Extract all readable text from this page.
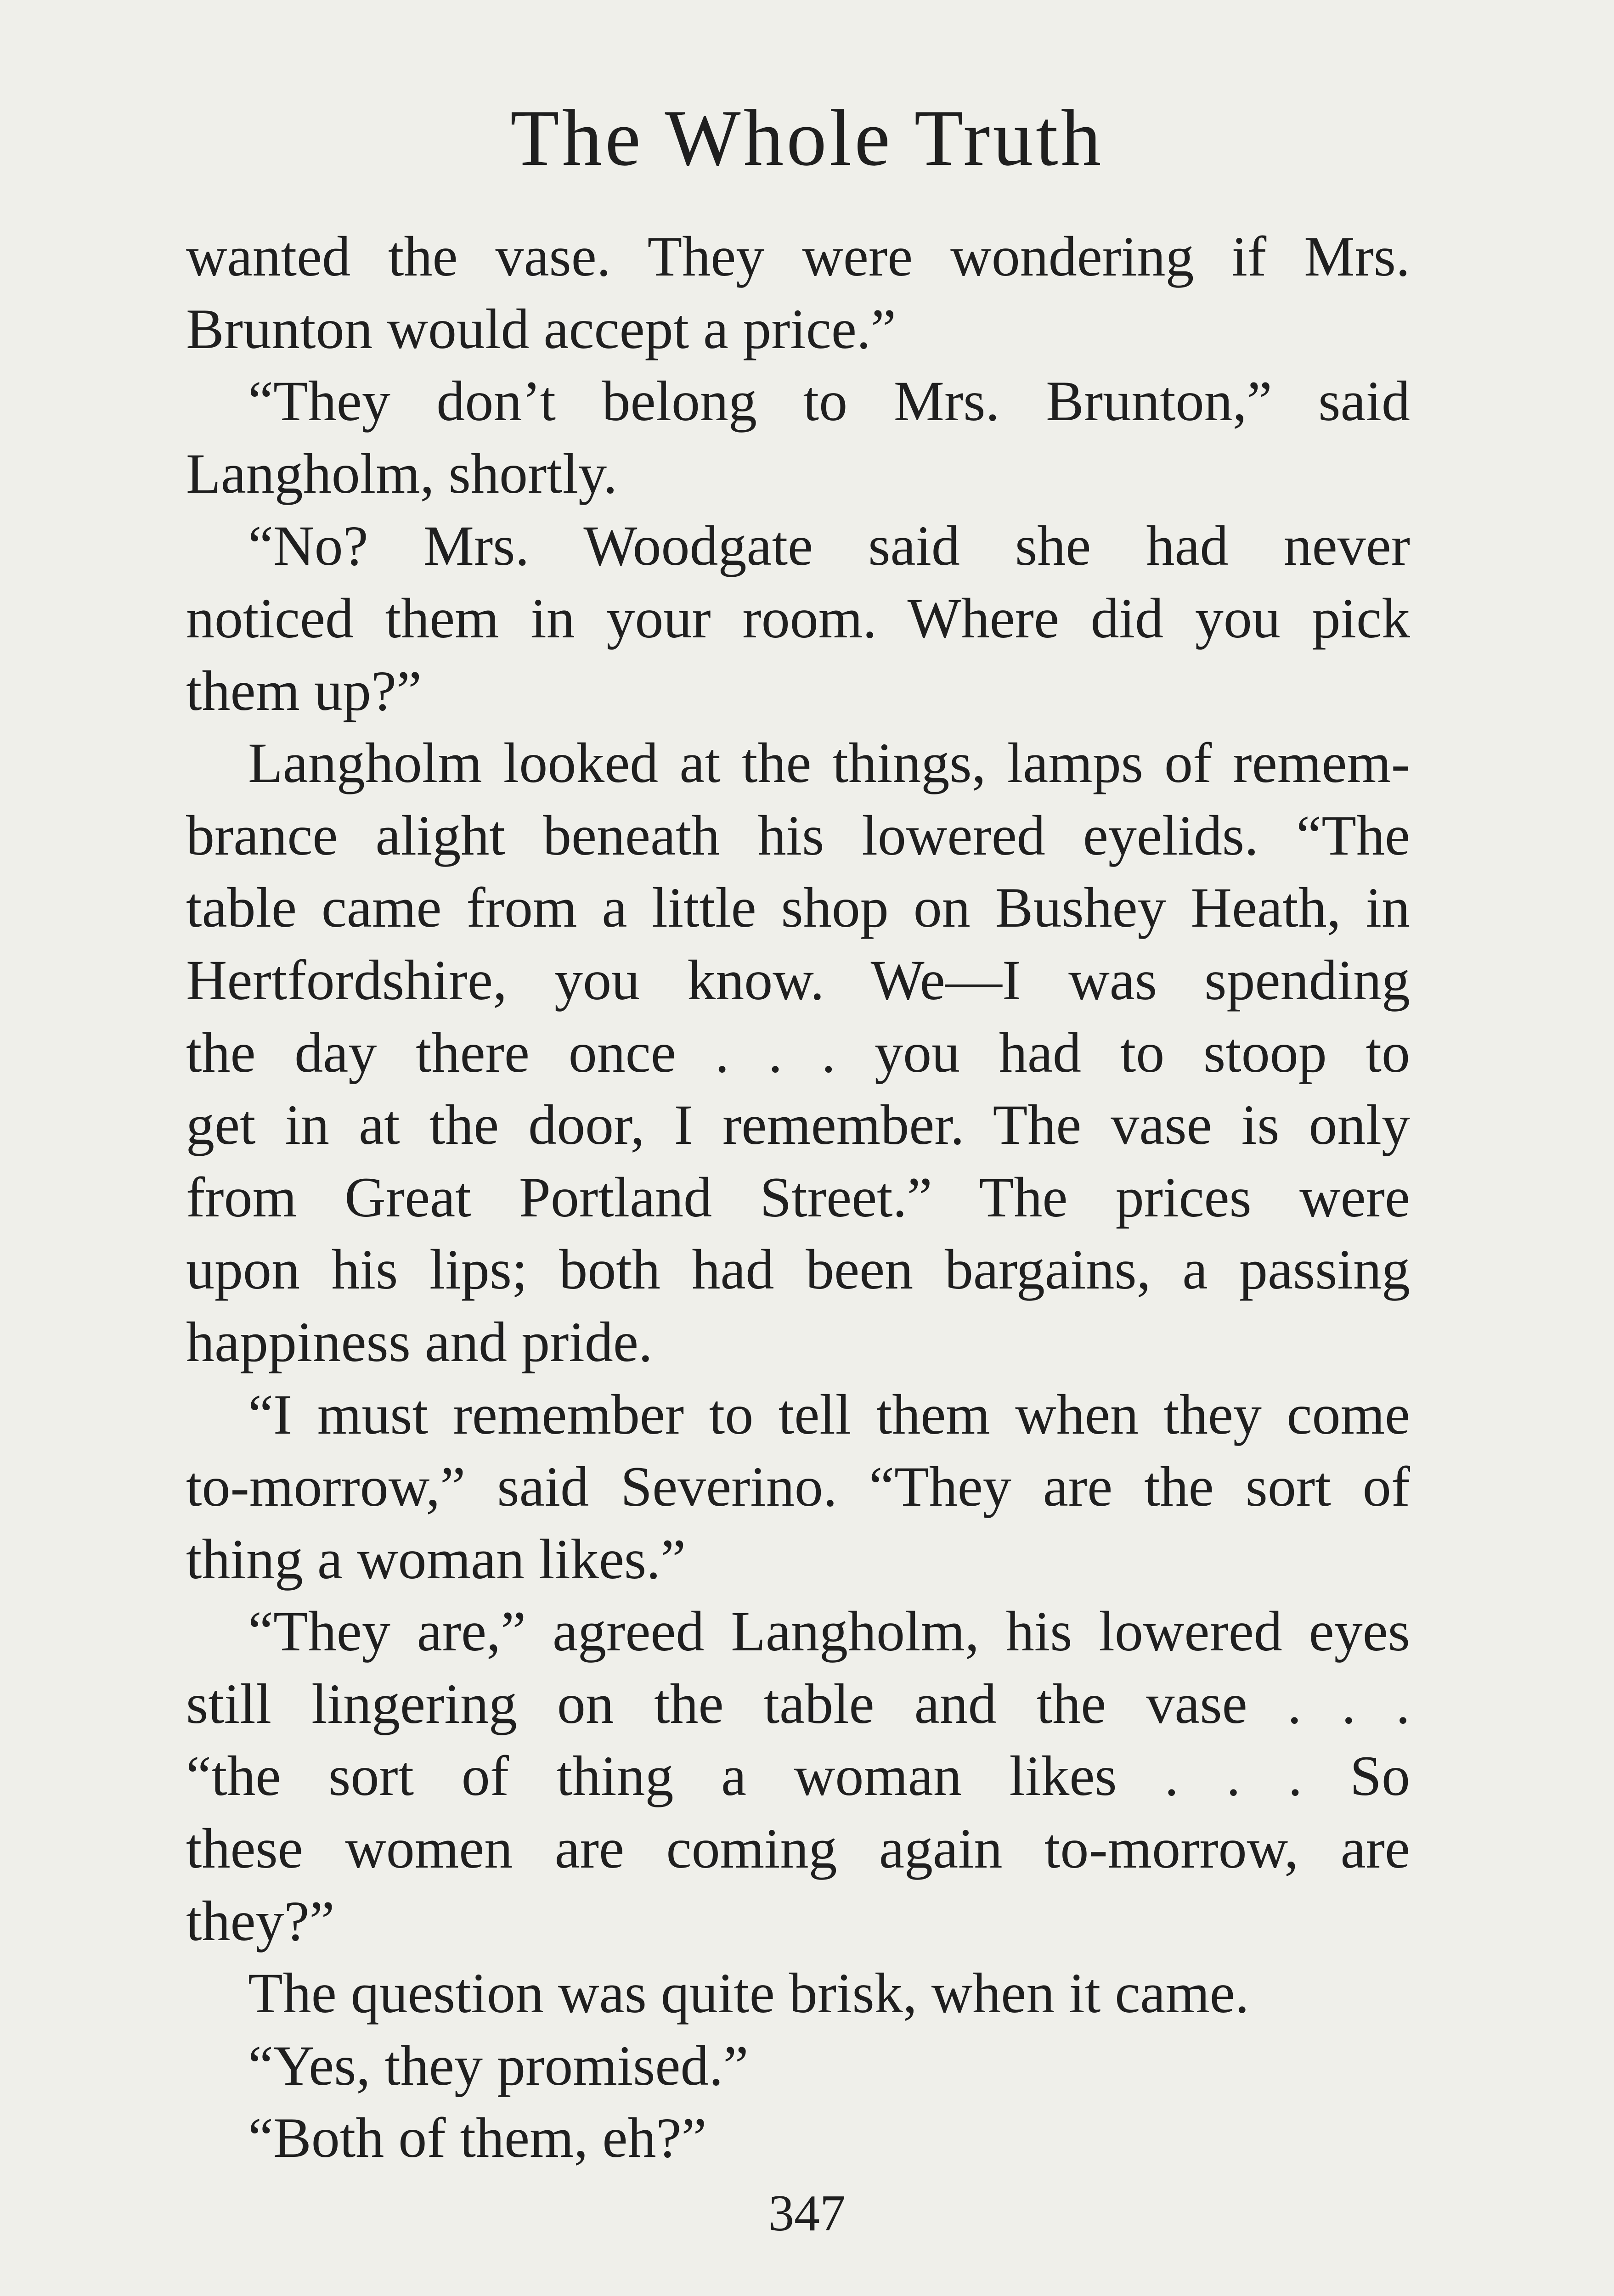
The Whole Truth
wanted the vase. They were wondering if Mrs.
Brunton would accept a price.”
“They don’t belong to Mrs. Brunton,” said
Langholm, shortly.
“No? Mrs. Woodgate said she had never
noticed them in your room. Where did you pick
them up?”
Langholm looked at the things, lamps of remem-
brance alight beneath his lowered eyelids. “The
table came from a little shop on Bushey Heath, in
Hertfordshire, you know. We—I was spending
the day there once . . . you had to stoop to
get in at the door, I remember. The vase is only
from Great Portland Street.” The prices were
upon his lips; both had been bargains, a passing
happiness and pride.
“I must remember to tell them when they come
to-morrow,” said Severino. “They are the sort of
thing a woman likes.”
“They are,” agreed Langholm, his lowered eyes
still lingering on the table and the vase . . .
“the sort of thing a woman likes . . . So
these women are coming again to-morrow, are
they?”
The question was quite brisk, when it came.
“Yes, they promised.”
“Both of them, eh?”
347
